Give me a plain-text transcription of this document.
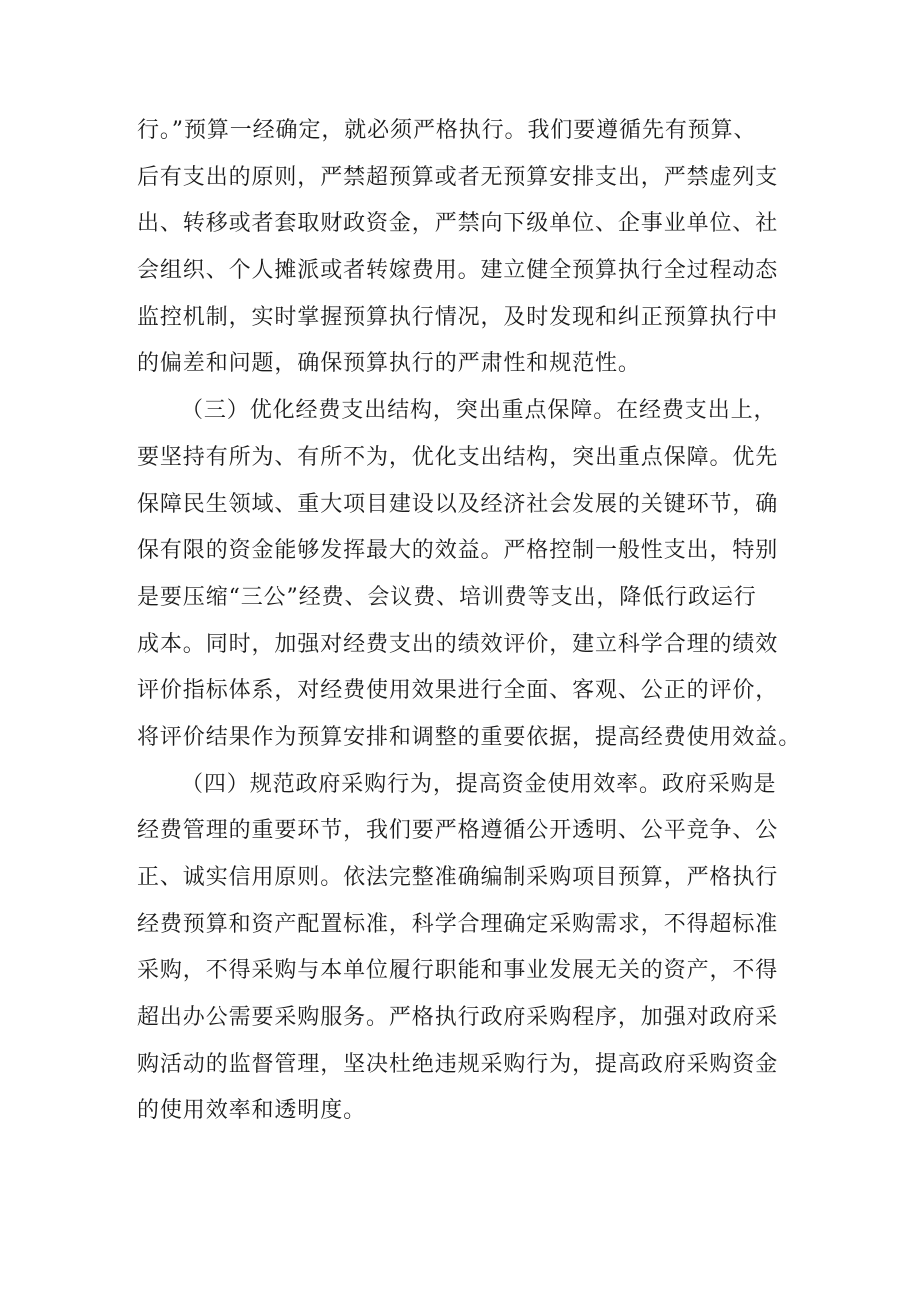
行。”预算一经确定，就必须严格执行。我们要遵循先有预算、
后有支出的原则，严禁超预算或者无预算安排支出，严禁虚列支
出、转移或者套取财政资金，严禁向下级单位、企事业单位、社
会组织、个人摊派或者转嫁费用。建立健全预算执行全过程动态
监控机制，实时掌握预算执行情况，及时发现和纠正预算执行中
的偏差和问题，确保预算执行的严肃性和规范性。
（三）优化经费支出结构，突出重点保障。在经费支出上，
要坚持有所为、有所不为，优化支出结构，突出重点保障。优先
保障民生领域、重大项目建设以及经济社会发展的关键环节，确
保有限的资金能够发挥最大的效益。严格控制一般性支出，特别
是要压缩“三公”经费、会议费、培训费等支出，降低行政运行
成本。同时，加强对经费支出的绩效评价，建立科学合理的绩效
评价指标体系，对经费使用效果进行全面、客观、公正的评价，
将评价结果作为预算安排和调整的重要依据，提高经费使用效益。
（四）规范政府采购行为，提高资金使用效率。政府采购是
经费管理的重要环节，我们要严格遵循公开透明、公平竞争、公
正、诚实信用原则。依法完整准确编制采购项目预算，严格执行
经费预算和资产配置标准，科学合理确定采购需求，不得超标准
采购，不得采购与本单位履行职能和事业发展无关的资产，不得
超出办公需要采购服务。严格执行政府采购程序，加强对政府采
购活动的监督管理，坚决杜绝违规采购行为，提高政府采购资金
的使用效率和透明度。
